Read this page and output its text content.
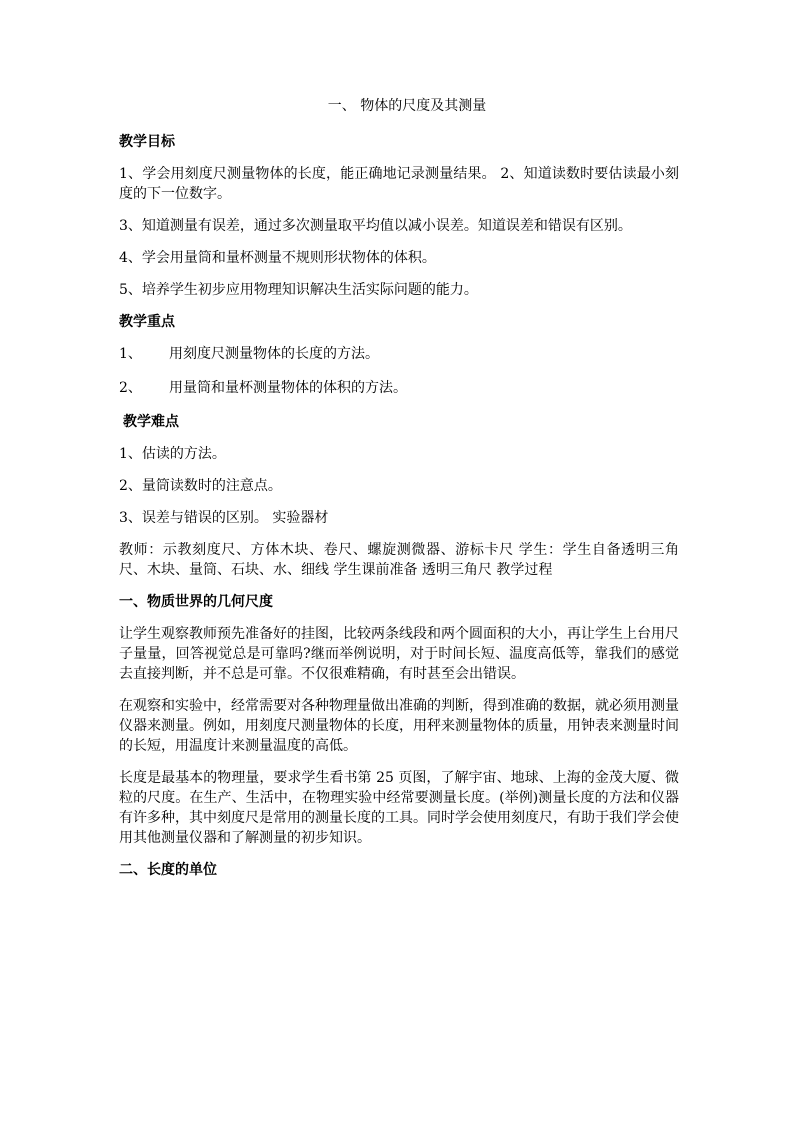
一、 物体的尺度及其测量
教学目标
1、学会用刻度尺测量物体的长度，能正确地记录测量结果。 2、知道读数时要估读最小刻度的下一位数字。
3、知道测量有误差，通过多次测量取平均值以减小误差。知道误差和错误有区别。
4、学会用量筒和量杯测量不规则形状物体的体积。
5、培养学生初步应用物理知识解决生活实际问题的能力。
教学重点
1、	用刻度尺测量物体的长度的方法。
2、	用量筒和量杯测量物体的体积的方法。
教学难点
1、估读的方法。
2、量筒读数时的注意点。
3、误差与错误的区别。 实验器材
教师：示教刻度尺、方体木块、卷尺、螺旋测微器、游标卡尺 学生：学生自备透明三角尺、木块、量筒、石块、水、细线 学生课前准备 透明三角尺 教学过程
一、物质世界的几何尺度
让学生观察教师预先准备好的挂图，比较两条线段和两个圆面积的大小，再让学生上台用尺子量量，回答视觉总是可靠吗?继而举例说明，对于时间长短、温度高低等，靠我们的感觉去直接判断，并不总是可靠。不仅很难精确，有时甚至会出错误。
在观察和实验中，经常需要对各种物理量做出准确的判断，得到准确的数据，就必须用测量仪器来测量。例如，用刻度尺测量物体的长度，用秤来测量物体的质量，用钟表来测量时间的长短，用温度计来测量温度的高低。
长度是最基本的物理量，要求学生看书第 25 页图，了解宇宙、地球、上海的金茂大厦、微粒的尺度。在生产、生活中，在物理实验中经常要测量长度。(举例)测量长度的方法和仪器有许多种，其中刻度尺是常用的测量长度的工具。同时学会使用刻度尺，有助于我们学会使用其他测量仪器和了解测量的初步知识。
二、长度的单位
